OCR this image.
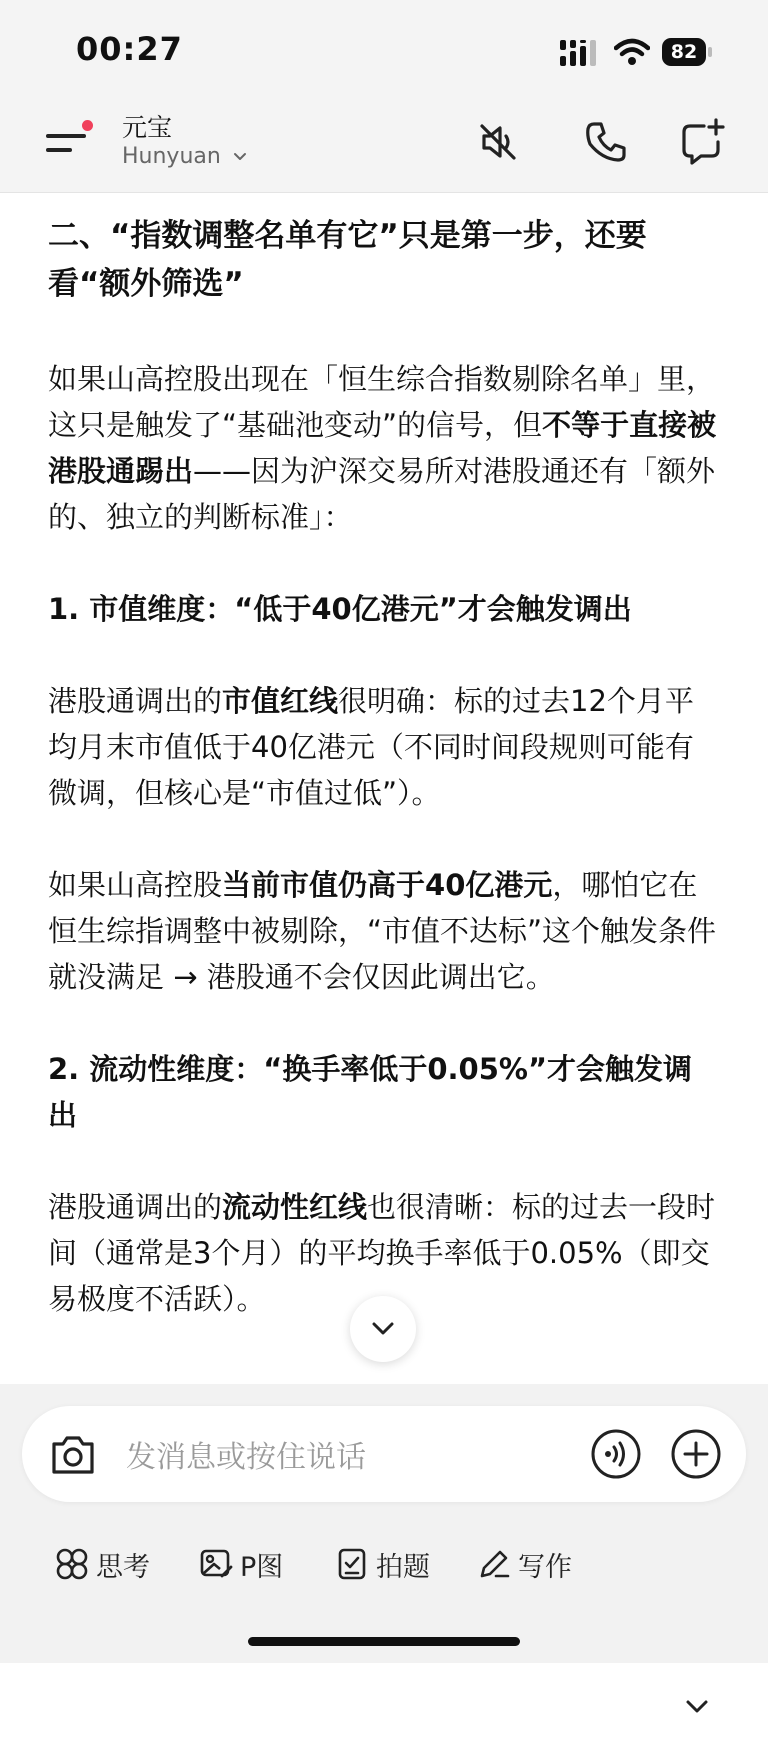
00:27	82
元宝
Hunyuan
二、“指数调整名单有它”只是第一步，还要看“额外筛选”
如果山高控股出现在「恒生综合指数剔除名单」里，这只是触发了“基础池变动”的信号，但不等于直接被港股通踢出——因为沪深交易所对港股通还有「额外的、独立的判断标准」：
1. 市值维度：“低于40亿港元”才会触发调出
港股通调出的市值红线很明确：标的过去12个月平均月末市值低于40亿港元（不同时间段规则可能有微调，但核心是“市值过低”）。
如果山高控股当前市值仍高于40亿港元，哪怕它在恒生综指调整中被剔除，“市值不达标”这个触发条件就没满足 → 港股通不会仅因此调出它。
2. 流动性维度：“换手率低于0.05%”才会触发调出
港股通调出的流动性红线也很清晰：标的过去一段时间（通常是3个月）的平均换手率低于0.05%（即交易极度不活跃）。
发消息或按住说话
思考	P图	拍题	写作
